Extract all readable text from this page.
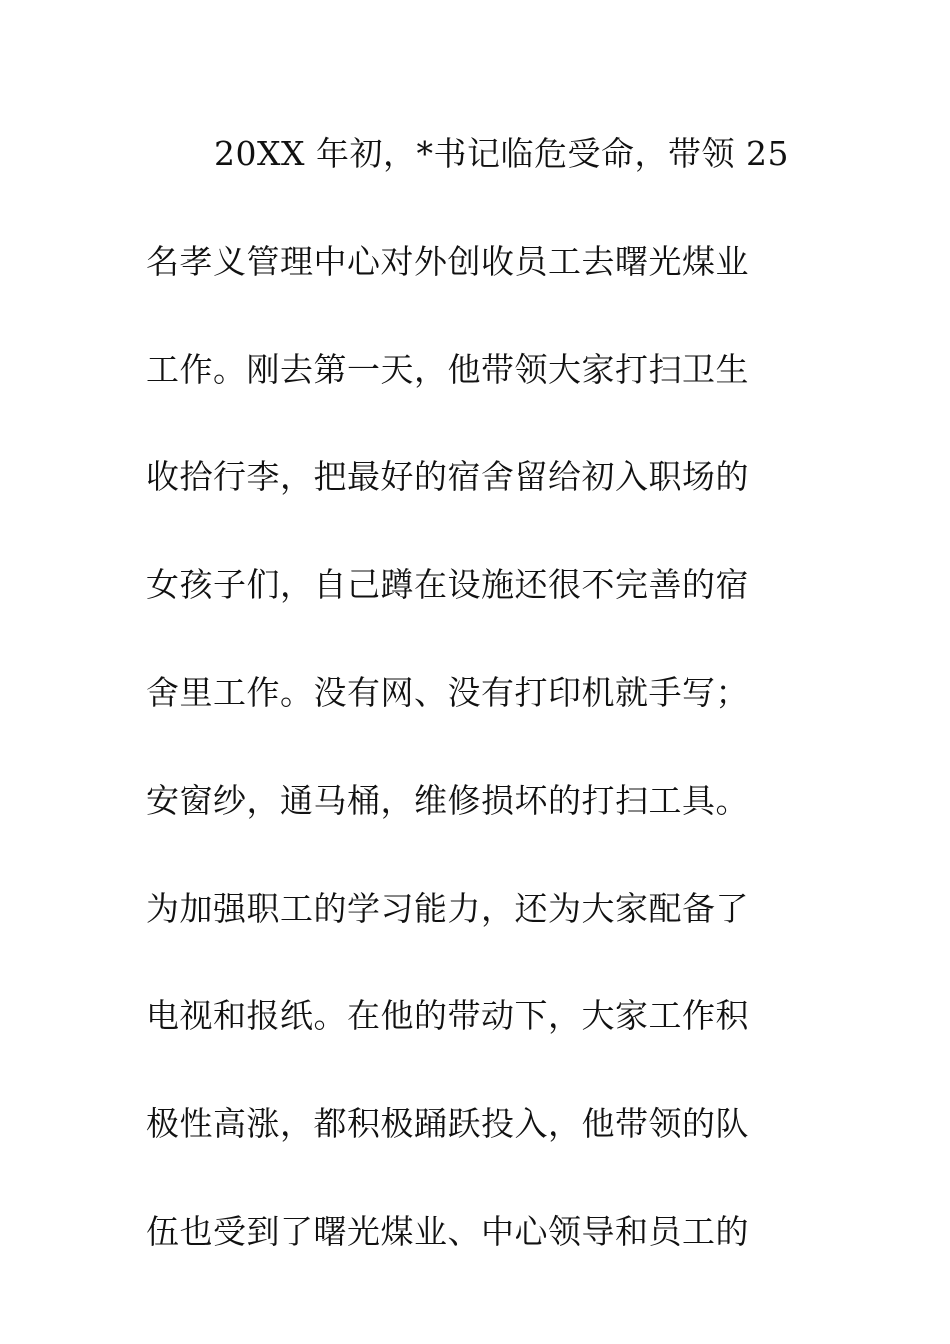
20XX 年初，*书记临危受命，带领 25
名孝义管理中心对外创收员工去曙光煤业
工作。刚去第一天，他带领大家打扫卫生
收拾行李，把最好的宿舍留给初入职场的
女孩子们，自己蹲在设施还很不完善的宿
舍里工作。没有网、没有打印机就手写；
安窗纱，通马桶，维修损坏的打扫工具。
为加强职工的学习能力，还为大家配备了
电视和报纸。在他的带动下，大家工作积
极性高涨，都积极踊跃投入，他带领的队
伍也受到了曙光煤业、中心领导和员工的
